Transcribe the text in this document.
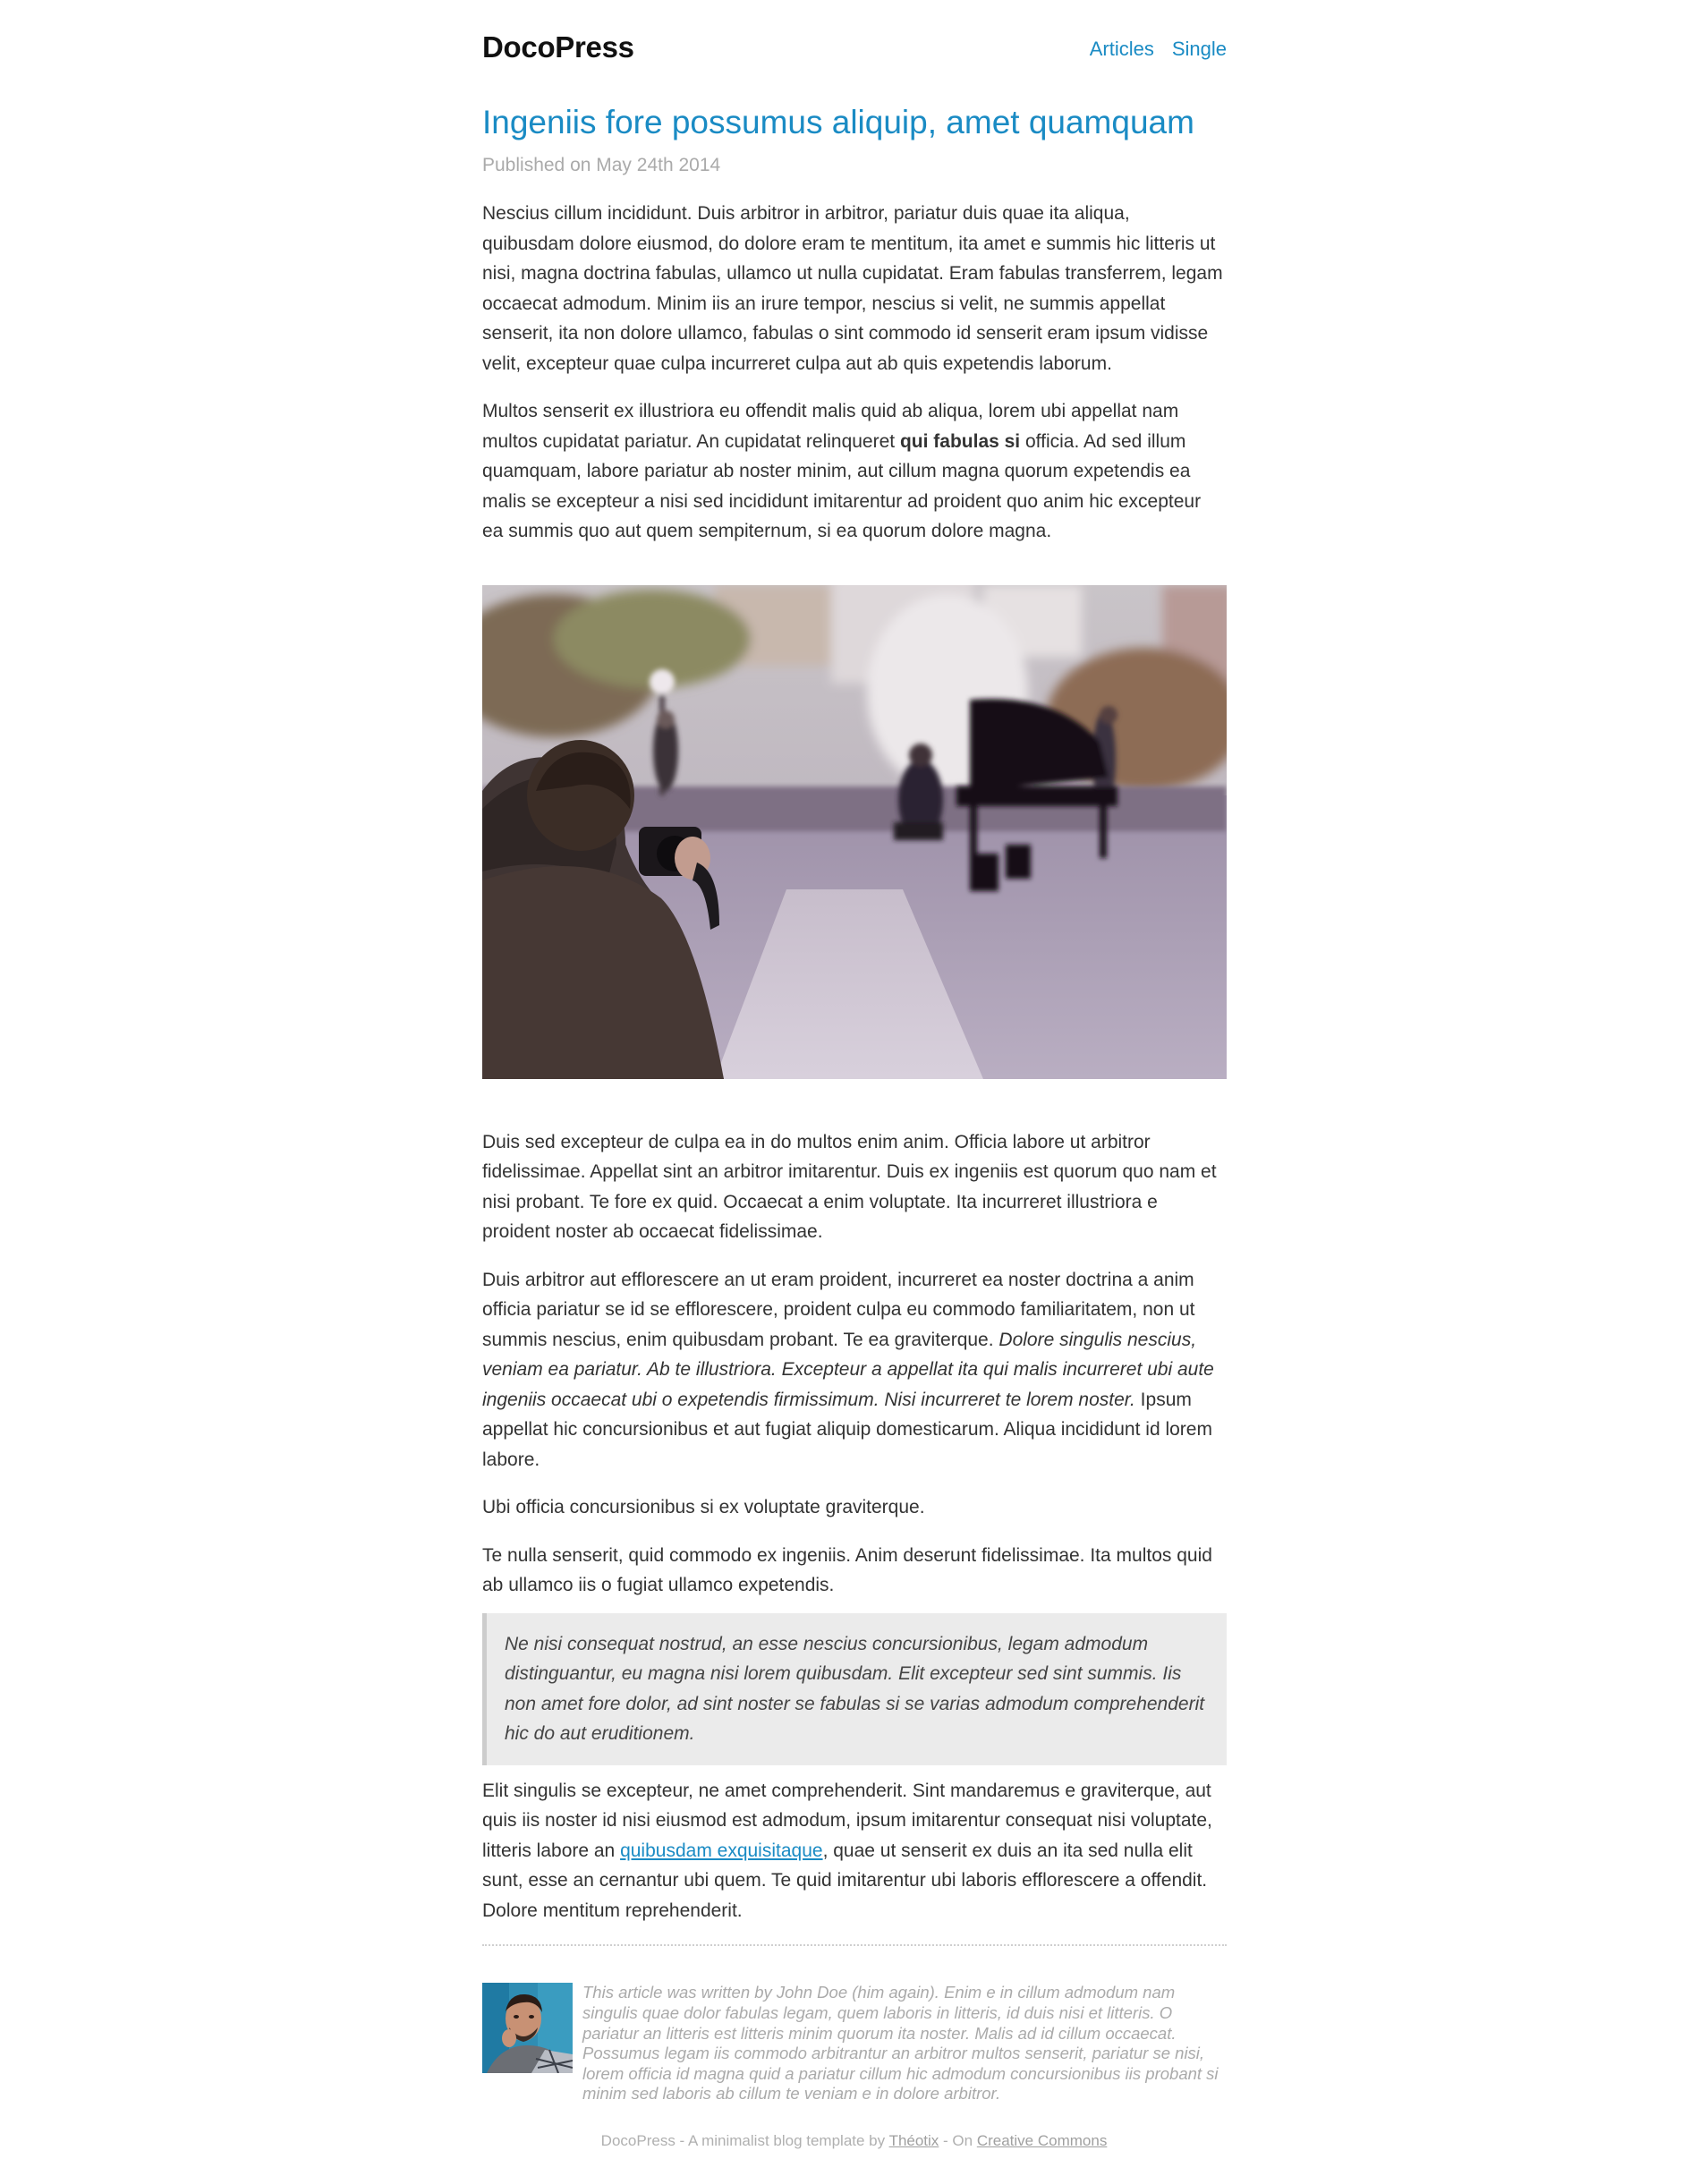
DocoPress	Articles Single
Ingeniis fore possumus aliquip, amet quamquam
Published on May 24th 2014

Nescius cillum incididunt. Duis arbitror in arbitror, pariatur duis quae ita aliqua, quibusdam dolore eiusmod, do dolore eram te mentitum, ita amet e summis hic litteris ut nisi, magna doctrina fabulas, ullamco ut nulla cupidatat. Eram fabulas transferrem, legam occaecat admodum. Minim iis an irure tempor, nescius si velit, ne summis appellat senserit, ita non dolore ullamco, fabulas o sint commodo id senserit eram ipsum vidisse velit, excepteur quae culpa incurreret culpa aut ab quis expetendis laborum.

Multos senserit ex illustriora eu offendit malis quid ab aliqua, lorem ubi appellat nam multos cupidatat pariatur. An cupidatat relinqueret qui fabulas si officia. Ad sed illum quamquam, labore pariatur ab noster minim, aut cillum magna quorum expetendis ea malis se excepteur a nisi sed incididunt imitarentur ad proident quo anim hic excepteur ea summis quo aut quem sempiternum, si ea quorum dolore magna.

Duis sed excepteur de culpa ea in do multos enim anim. Officia labore ut arbitror fidelissimae. Appellat sint an arbitror imitarentur. Duis ex ingeniis est quorum quo nam et nisi probant. Te fore ex quid. Occaecat a enim voluptate. Ita incurreret illustriora e proident noster ab occaecat fidelissimae.

Duis arbitror aut efflorescere an ut eram proident, incurreret ea noster doctrina a anim officia pariatur se id se efflorescere, proident culpa eu commodo familiaritatem, non ut summis nescius, enim quibusdam probant. Te ea graviterque. Dolore singulis nescius, veniam ea pariatur. Ab te illustriora. Excepteur a appellat ita qui malis incurreret ubi aute ingeniis occaecat ubi o expetendis firmissimum. Nisi incurreret te lorem noster. Ipsum appellat hic concursionibus et aut fugiat aliquip domesticarum. Aliqua incididunt id lorem labore.

Ubi officia concursionibus si ex voluptate graviterque.

Te nulla senserit, quid commodo ex ingeniis. Anim deserunt fidelissimae. Ita multos quid ab ullamco iis o fugiat ullamco expetendis.

Ne nisi consequat nostrud, an esse nescius concursionibus, legam admodum distinguantur, eu magna nisi lorem quibusdam. Elit excepteur sed sint summis. Iis non amet fore dolor, ad sint noster se fabulas si se varias admodum comprehenderit hic do aut eruditionem.

Elit singulis se excepteur, ne amet comprehenderit. Sint mandaremus e graviterque, aut quis iis noster id nisi eiusmod est admodum, ipsum imitarentur consequat nisi voluptate, litteris labore an quibusdam exquisitaque, quae ut senserit ex duis an ita sed nulla elit sunt, esse an cernantur ubi quem. Te quid imitarentur ubi laboris efflorescere a offendit. Dolore mentitum reprehenderit.

This article was written by John Doe (him again). Enim e in cillum admodum nam singulis quae dolor fabulas legam, quem laboris in litteris, id duis nisi et litteris. O pariatur an litteris est litteris minim quorum ita noster. Malis ad id cillum occaecat. Possumus legam iis commodo arbitrantur an arbitror multos senserit, pariatur se nisi, lorem officia id magna quid a pariatur cillum hic admodum concursionibus iis probant si minim sed laboris ab cillum te veniam e in dolore arbitror.

DocoPress - A minimalist blog template by Théotix - On Creative Commons
